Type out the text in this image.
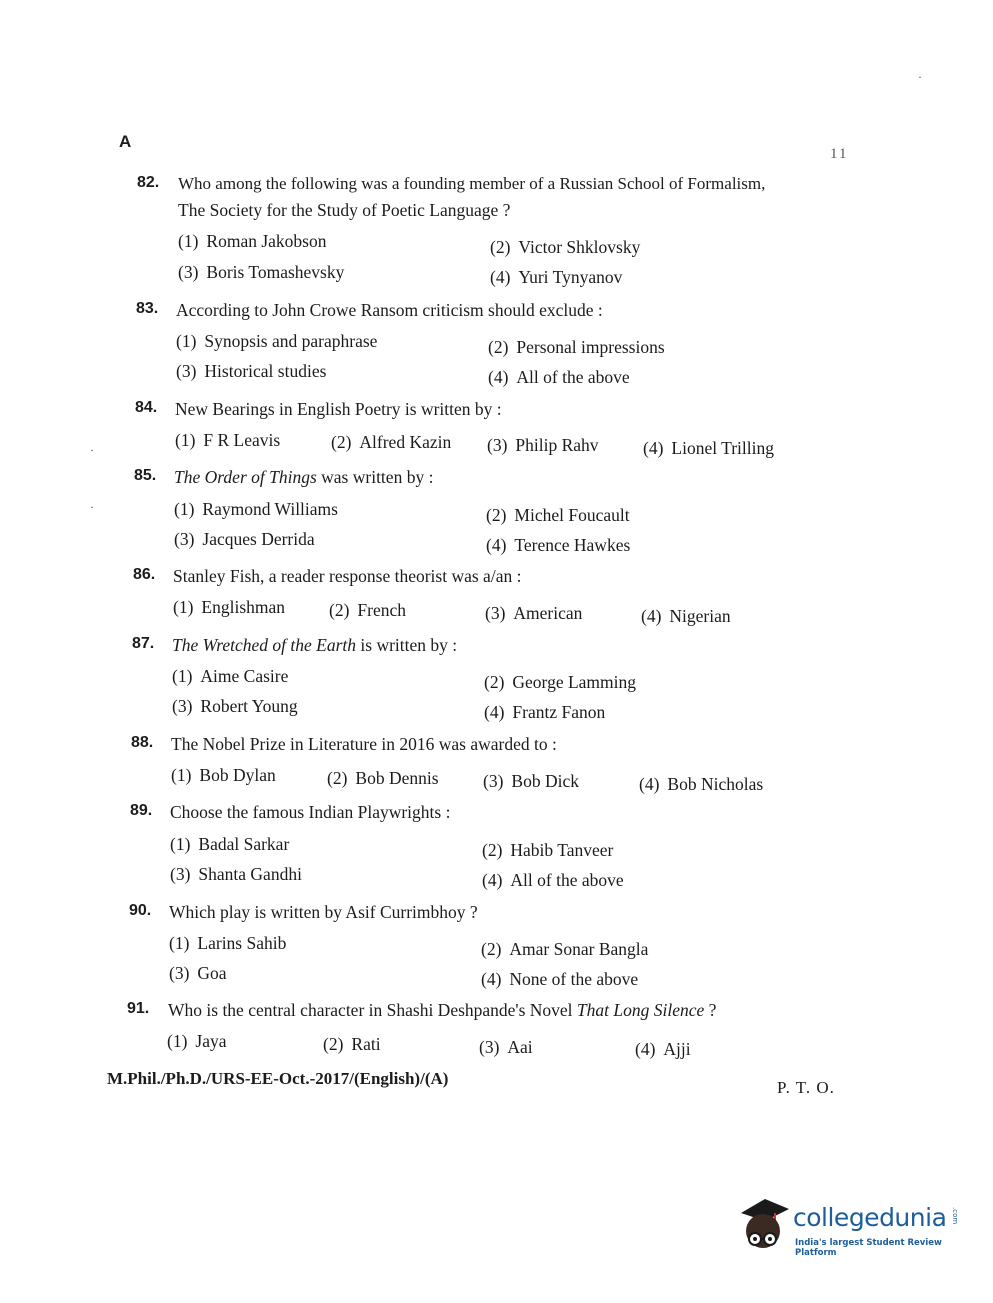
A
11
82. Who among the following was a founding member of a Russian School of Formalism,
The Society for the Study of Poetic Language ?
(1) Roman Jakobson	(2) Victor Shklovsky
(3) Boris Tomashevsky	(4) Yuri Tynyanov
83. According to John Crowe Ransom criticism should exclude :
(1) Synopsis and paraphrase	(2) Personal impressions
(3) Historical studies	(4) All of the above
84. New Bearings in English Poetry is written by :
(1) F R Leavis	(2) Alfred Kazin (3) Philip Rahv	(4) Lionel Trilling
85. The Order of Things was written by :
(1) Raymond Williams	(2) Michel Foucault
(3) Jacques Derrida	(4) Terence Hawkes
86. Stanley Fish, a reader response theorist was a/an :
(1) Englishman	(2) French	(3) American	(4) Nigerian
87. The Wretched of the Earth is written by :
(1) Aime Casire	(2) George Lamming
(3) Robert Young	(4) Frantz Fanon
88. The Nobel Prize in Literature in 2016 was awarded to :
(1) Bob Dylan	(2) Bob Dennis	(3) Bob Dick	(4) Bob Nicholas
89. Choose the famous Indian Playwrights :
(1) Badal Sarkar	(2) Habib Tanveer
(3) Shanta Gandhi	(4) All of the above
90. Which play is written by Asif Currimbhoy ?
(1) Larins Sahib	(2) Amar Sonar Bangla
(3) Goa	(4) None of the above
91. Who is the central character in Shashi Deshpande's Novel That Long Silence ?
(1) Jaya	(2) Rati	(3) Aai	(4) Ajji
M.Phil./Ph.D./URS-EE-Oct.-2017/(English)/(A)	P. T. O.
·
·
·
collegedunia .com
India's largest Student Review Platform
